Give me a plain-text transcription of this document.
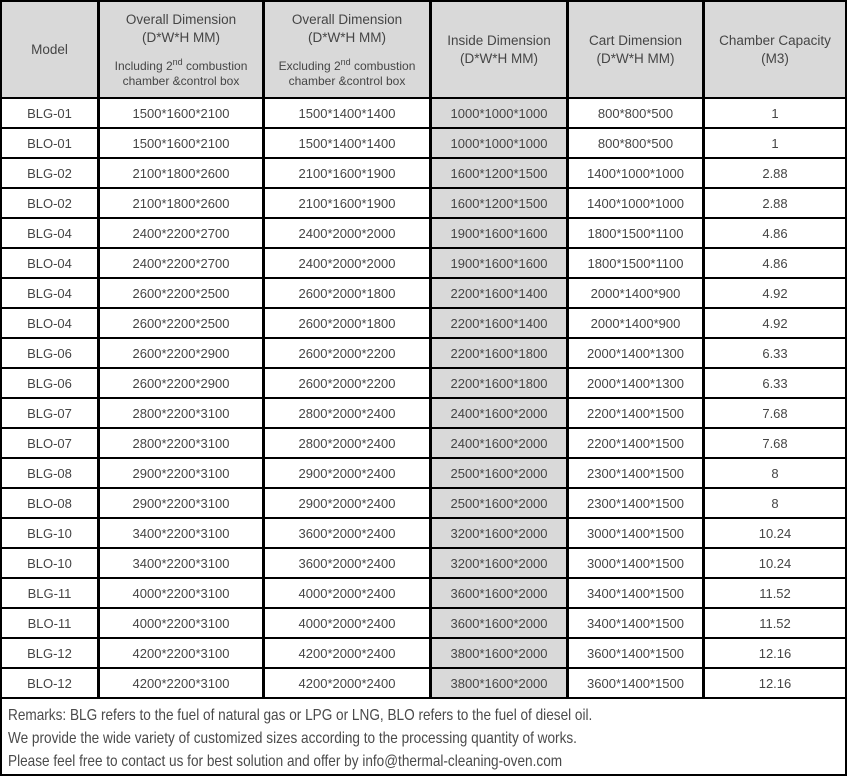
Model

Overall Dimension
(D*W*H MM)
Including 2nd combustion chamber &control box

Overall Dimension
(D*W*H MM)
Excluding 2nd combustion chamber &control box

Inside Dimension
(D*W*H MM)

Cart Dimension
(D*W*H MM)

Chamber Capacity
(M3)

BLG-01	1500*1600*2100	1500*1400*1400	1000*1000*1000	800*800*500	1
BLO-01	1500*1600*2100	1500*1400*1400	1000*1000*1000	800*800*500	1
BLG-02	2100*1800*2600	2100*1600*1900	1600*1200*1500	1400*1000*1000	2.88
BLO-02	2100*1800*2600	2100*1600*1900	1600*1200*1500	1400*1000*1000	2.88
BLG-04	2400*2200*2700	2400*2000*2000	1900*1600*1600	1800*1500*1100	4.86
BLO-04	2400*2200*2700	2400*2000*2000	1900*1600*1600	1800*1500*1100	4.86
BLG-04	2600*2200*2500	2600*2000*1800	2200*1600*1400	2000*1400*900	4.92
BLO-04	2600*2200*2500	2600*2000*1800	2200*1600*1400	2000*1400*900	4.92
BLG-06	2600*2200*2900	2600*2000*2200	2200*1600*1800	2000*1400*1300	6.33
BLG-06	2600*2200*2900	2600*2000*2200	2200*1600*1800	2000*1400*1300	6.33
BLG-07	2800*2200*3100	2800*2000*2400	2400*1600*2000	2200*1400*1500	7.68
BLO-07	2800*2200*3100	2800*2000*2400	2400*1600*2000	2200*1400*1500	7.68
BLG-08	2900*2200*3100	2900*2000*2400	2500*1600*2000	2300*1400*1500	8
BLO-08	2900*2200*3100	2900*2000*2400	2500*1600*2000	2300*1400*1500	8
BLG-10	3400*2200*3100	3600*2000*2400	3200*1600*2000	3000*1400*1500	10.24
BLO-10	3400*2200*3100	3600*2000*2400	3200*1600*2000	3000*1400*1500	10.24
BLG-11	4000*2200*3100	4000*2000*2400	3600*1600*2000	3400*1400*1500	11.52
BLO-11	4000*2200*3100	4000*2000*2400	3600*1600*2000	3400*1400*1500	11.52
BLG-12	4200*2200*3100	4200*2000*2400	3800*1600*2000	3600*1400*1500	12.16
BLO-12	4200*2200*3100	4200*2000*2400	3800*1600*2000	3600*1400*1500	12.16
Remarks: BLG refers to the fuel of natural gas or LPG or LNG, BLO refers to the fuel of diesel oil.
We provide the wide variety of customized sizes according to the processing quantity of works.
Please feel free to contact us for best solution and offer by info@thermal-cleaning-oven.com
